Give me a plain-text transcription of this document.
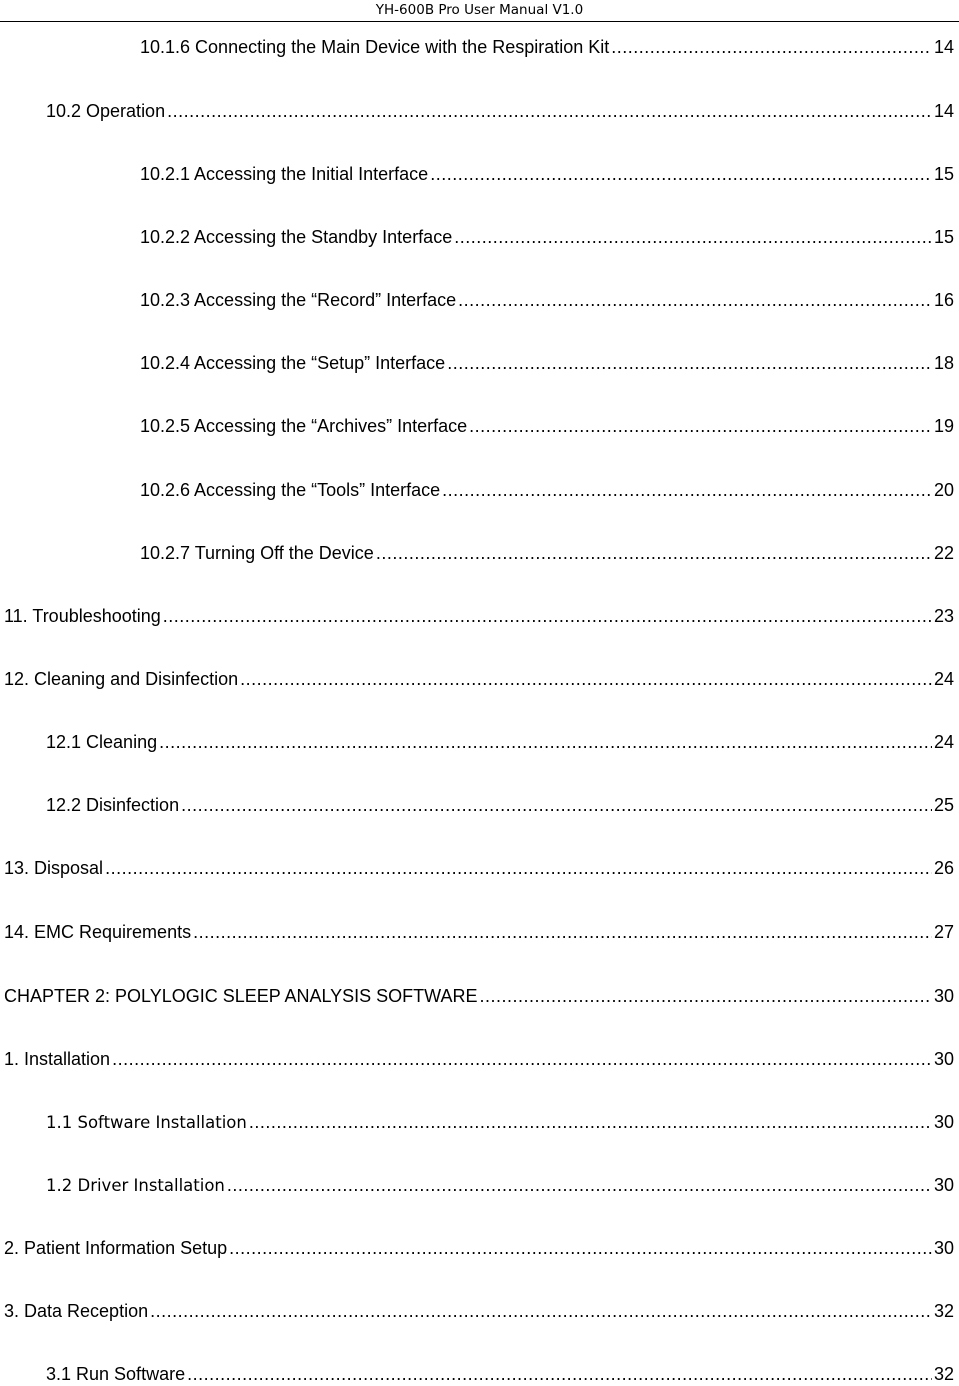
YH-600B Pro User Manual V1.0
10.1.6 Connecting the Main Device with the Respiration Kit .....	14
10.2 Operation .....	14
10.2.1 Accessing the Initial Interface .....	15
10.2.2 Accessing the Standby Interface .....	15
10.2.3 Accessing the “Record” Interface .....	16
10.2.4 Accessing the “Setup” Interface .....	18
10.2.5 Accessing the “Archives” Interface .....	19
10.2.6 Accessing the “Tools” Interface .....	20
10.2.7 Turning Off the Device .....	22
11. Troubleshooting .....	23
12. Cleaning and Disinfection .....	24
12.1 Cleaning .....	24
12.2 Disinfection .....	25
13. Disposal .....	26
14. EMC Requirements .....	27
CHAPTER 2: POLYLOGIC SLEEP ANALYSIS SOFTWARE .....	30
1. Installation .....	30
1.1 Software Installation .....	30
1.2 Driver Installation .....	30
2. Patient Information Setup .....	30
3. Data Reception .....	32
3.1 Run Software .....	32
